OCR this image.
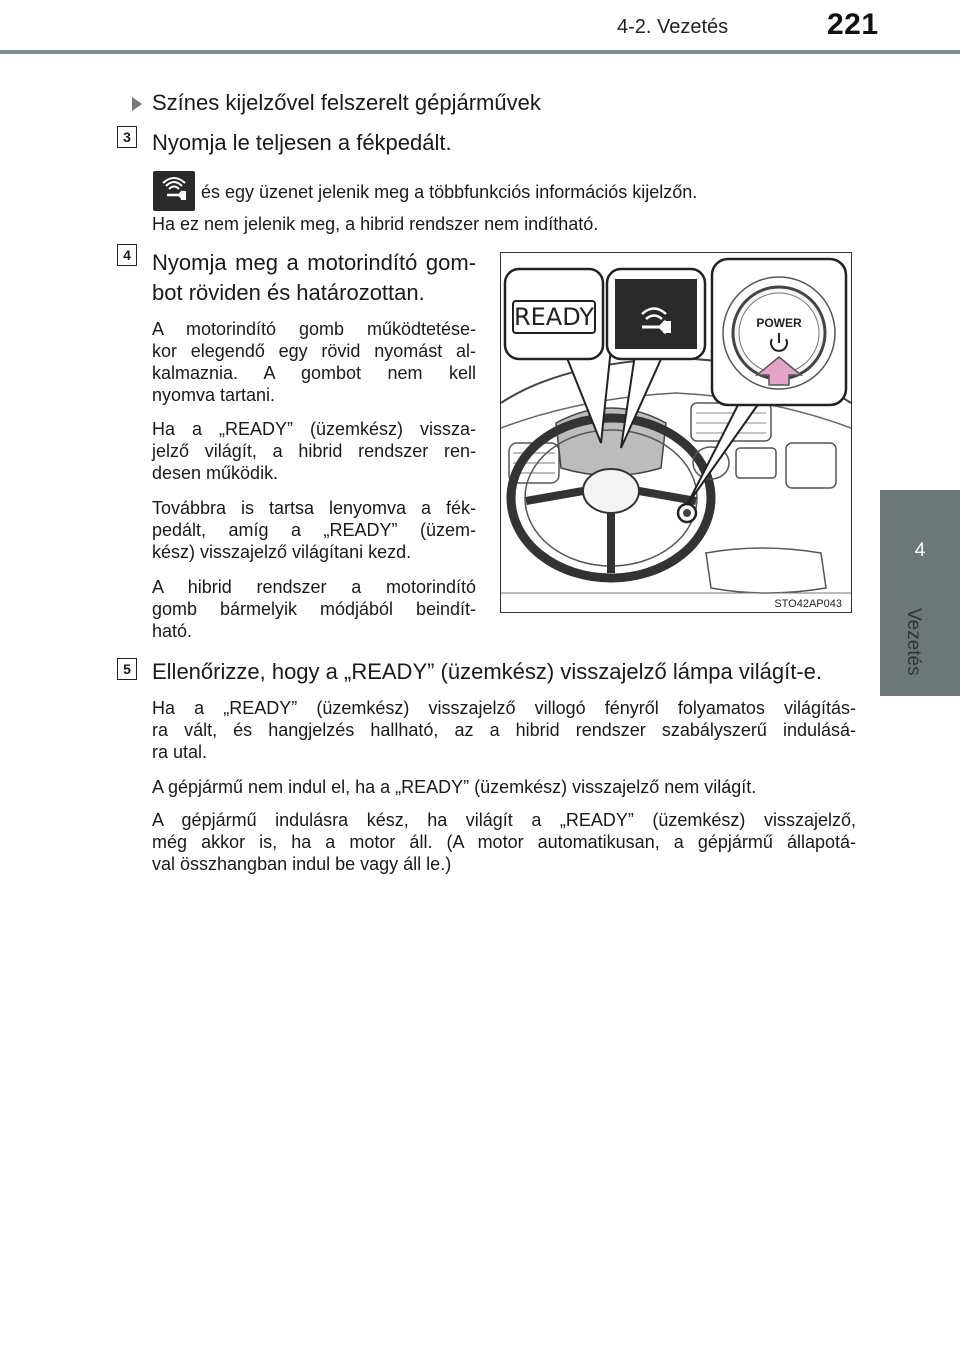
4-2. Vezetés	221
4
Vezetés
Színes kijelzővel felszerelt gépjárművek
3 Nyomja le teljesen a fékpedált.
és egy üzenet jelenik meg a többfunkciós információs kijelzőn.
Ha ez nem jelenik meg, a hibrid rendszer nem indítható.
4 Nyomja meg a motorindító gom-
bot röviden és határozottan.
A motorindító gomb működtetése-
kor elegendő egy rövid nyomást al-
kalmaznia. A gombot nem kell
nyomva tartani.
Ha a „READY” (üzemkész) vissza-
jelző világít, a hibrid rendszer ren-
desen működik.
Továbbra is tartsa lenyomva a fék-
pedált, amíg a „READY” (üzem-
kész) visszajelző világítani kezd.
A hibrid rendszer a motorindító
gomb bármelyik módjából beindít-
ható.
READY	POWER
STO42AP043
5 Ellenőrizze, hogy a „READY” (üzemkész) visszajelző lámpa világít-e.
Ha a „READY” (üzemkész) visszajelző villogó fényről folyamatos világítás-
ra vált, és hangjelzés hallható, az a hibrid rendszer szabályszerű indulásá-
ra utal.
A gépjármű nem indul el, ha a „READY” (üzemkész) visszajelző nem világít.
A gépjármű indulásra kész, ha világít a „READY” (üzemkész) visszajelző,
még akkor is, ha a motor áll. (A motor automatikusan, a gépjármű állapotá-
val összhangban indul be vagy áll le.)
